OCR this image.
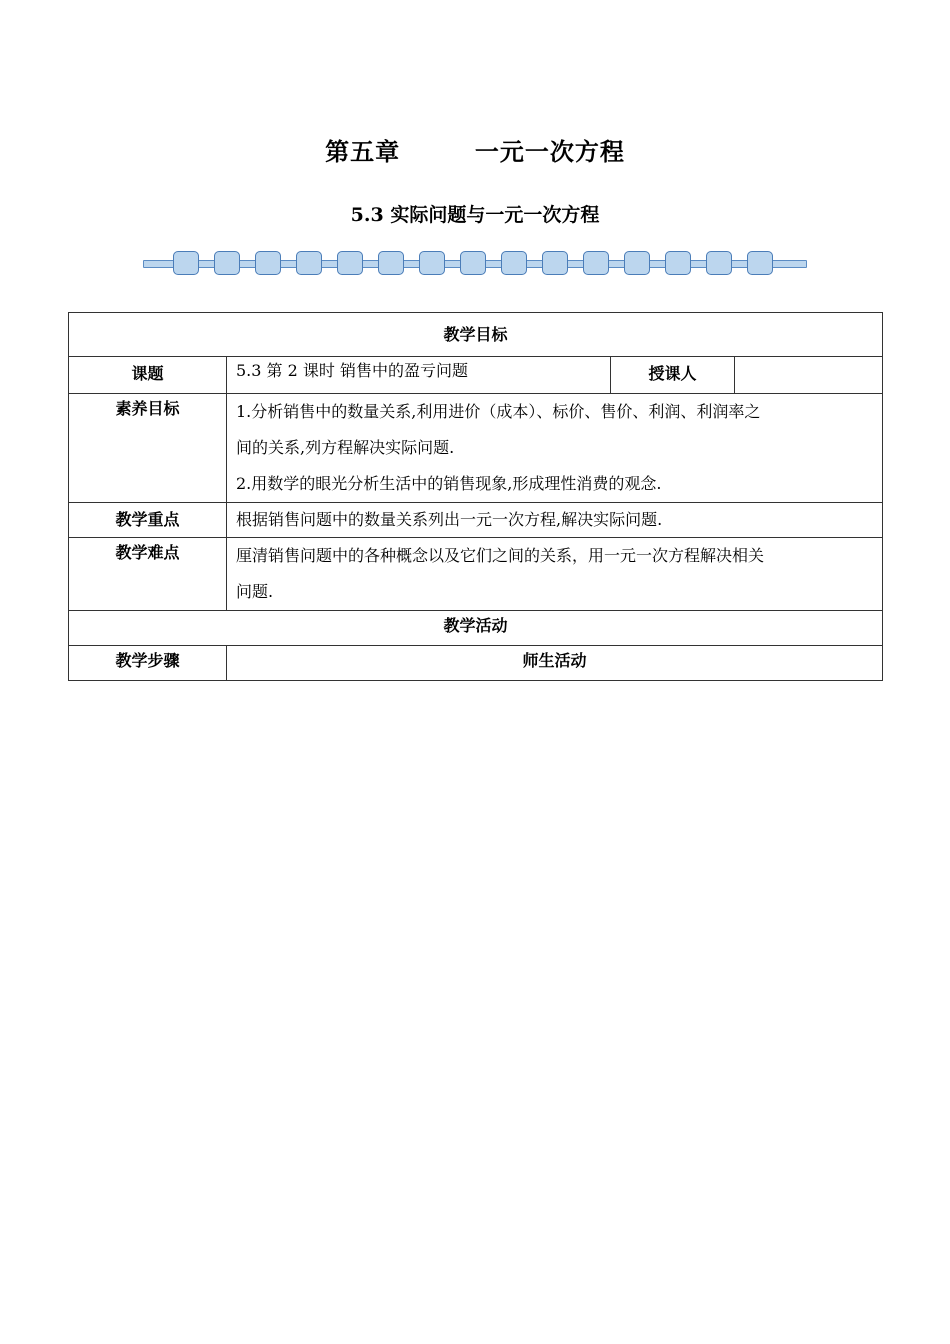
第五章	一元一次方程
5.3 实际问题与一元一次方程
教学目标			
课题	5.3 第 2 课时 销售中的盈亏问题	授课人	
素养目标	1.分析销售中的数量关系,利用进价（成本）、标价、售价、利润、利润率之
间的关系,列方程解决实际问题.
2.用数学的眼光分析生活中的销售现象,形成理性消费的观念.		

教学重点	根据销售问题中的数量关系列出一元一次方程,解决实际问题.		
教学难点	厘清销售问题中的各种概念以及它们之间的关系，用一元一次方程解决相关
问题.		

教学活动			
教学步骤	师生活动		
